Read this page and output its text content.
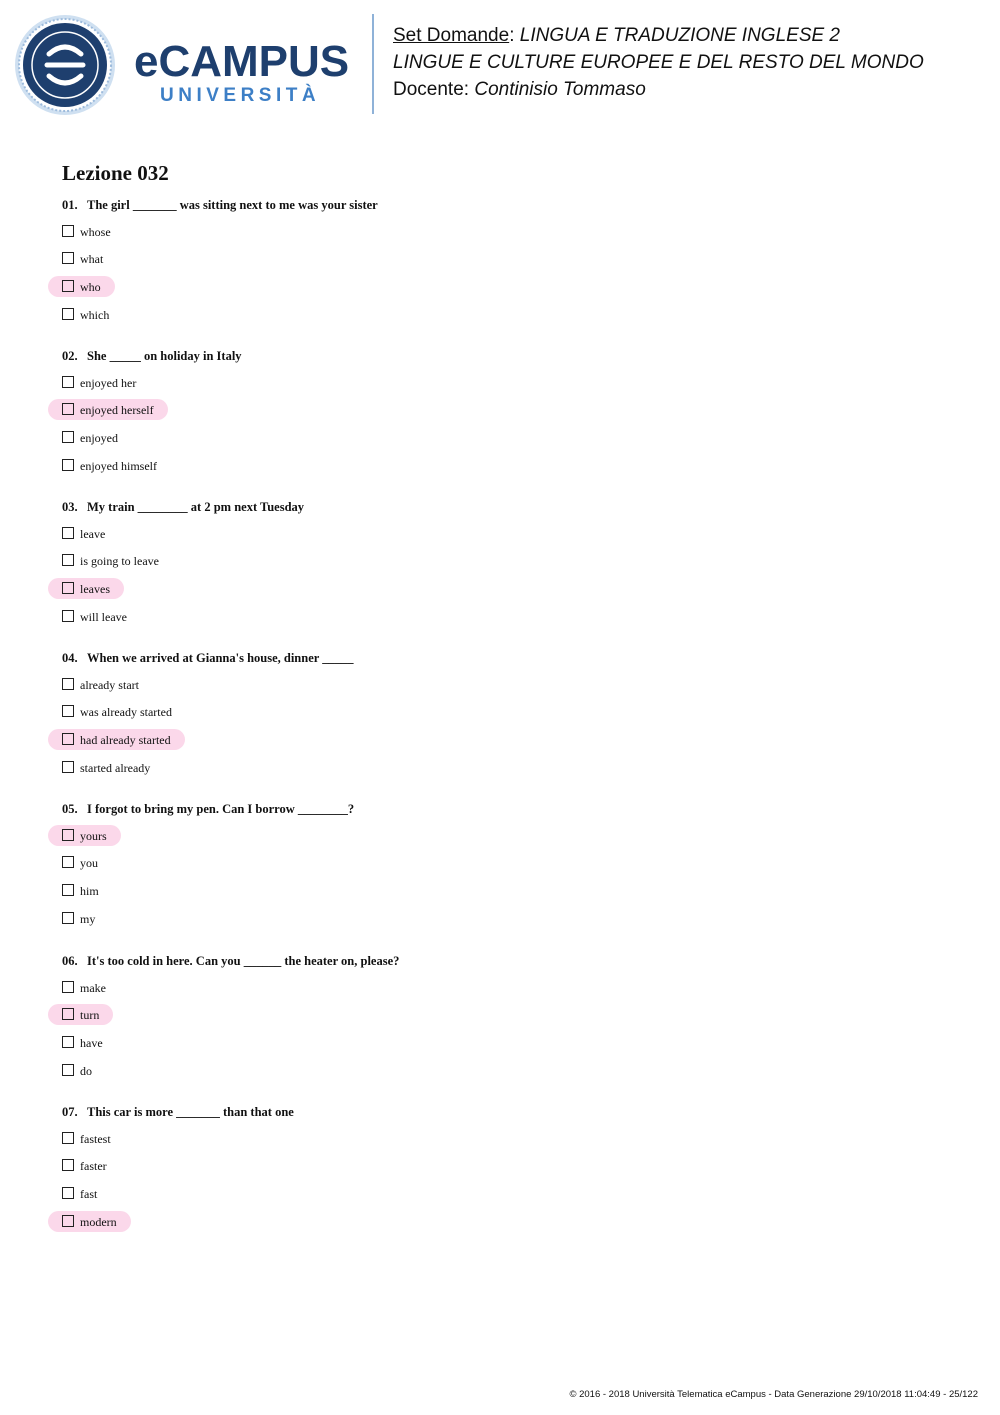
eCAMPUS
UNIVERSITÀ
Set Domande: LINGUA E TRADUZIONE INGLESE 2
LINGUE E CULTURE EUROPEE E DEL RESTO DEL MONDO
Docente: Continisio Tommaso
Lezione 032
01. The girl _______ was sitting next to me was your sister
whose
what
who
which
02. She _____ on holiday in Italy
enjoyed her
enjoyed herself
enjoyed
enjoyed himself
03. My train ________ at 2 pm next Tuesday
leave
is going to leave
leaves
will leave
04. When we arrived at Gianna's house, dinner _____
already start
was already started
had already started
started already
05. I forgot to bring my pen. Can I borrow ________?
yours
you
him
my
06. It's too cold in here. Can you ______ the heater on, please?
make
turn
have
do
07. This car is more _______ than that one
fastest
faster
fast
modern
© 2016 - 2018 Università Telematica eCampus - Data Generazione 29/10/2018 11:04:49 - 25/122
